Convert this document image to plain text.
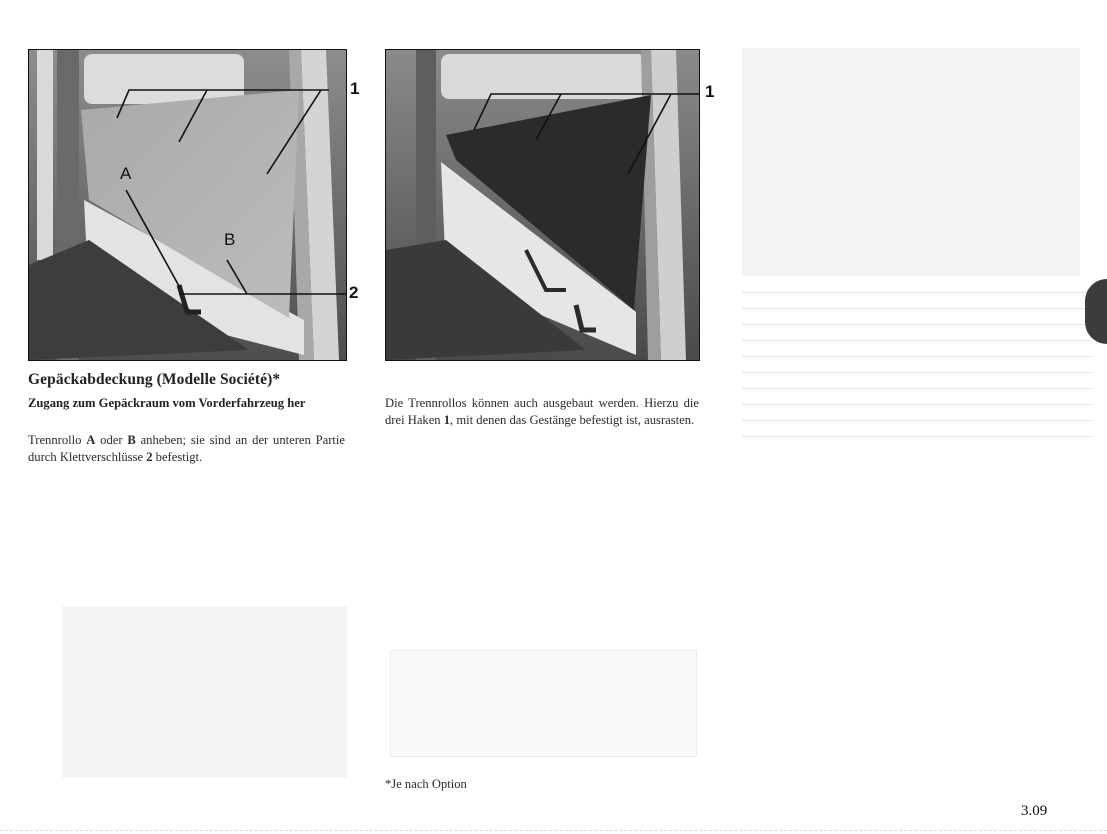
1
2
A
B
1
Gepäckabdeckung (Modelle Société)*
Zugang zum Gepäckraum vom Vorderfahrzeug her
Trennrollo A oder B anheben; sie sind an der unteren Partie durch Klettverschlüsse 2 befestigt.
Die Trennrollos können auch ausgebaut werden. Hierzu die drei Haken 1, mit denen das Gestänge befestigt ist, ausrasten.
*Je nach Option
3.09
